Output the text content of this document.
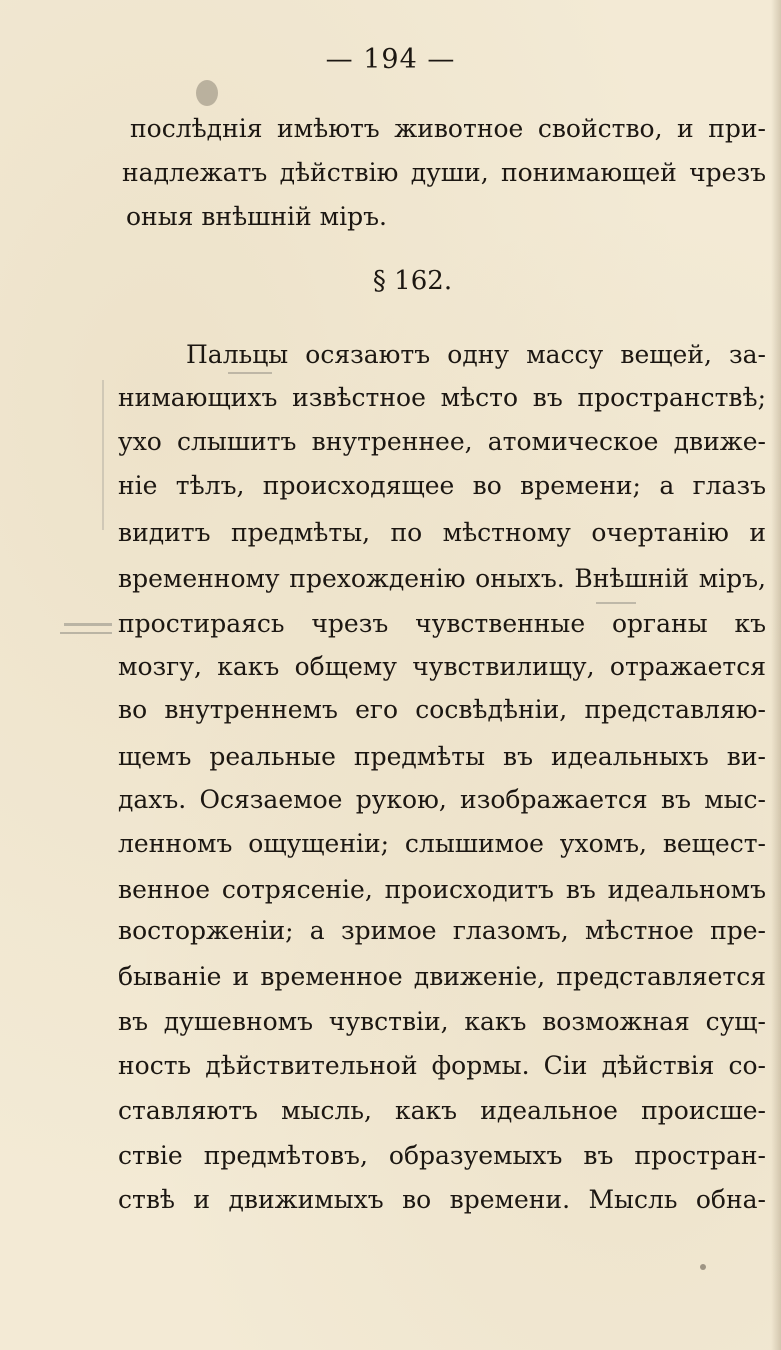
— 194 —
послѣднія имѣютъ животное свойство, и при-
надлежатъ дѣйствію души, понимающей чрезъ
оныя внѣшній міръ.
§ 162.
Пальцы осязаютъ одну массу вещей, за-
нимающихъ извѣстное мѣсто въ пространствѣ;
ухо слышитъ внутреннее, атомическое движе-
ніе тѣлъ, происходящее во времени; а глазъ
видитъ предмѣты, по мѣстному очертанію и
временному прехожденію оныхъ. Внѣшній міръ,
простираясь чрезъ чувственные органы къ
мозгу, какъ общему чувствилищу, отражается
во внутреннемъ его сосвѣдѣніи, представляю-
щемъ реальные предмѣты въ идеальныхъ ви-
дахъ. Осязаемое рукою, изображается въ мыс-
ленномъ ощущеніи; слышимое ухомъ, вещест-
венное сотрясеніе, происходитъ въ идеальномъ
восторженіи; а зримое глазомъ, мѣстное пре-
бываніе и временное движеніе, представляется
въ душевномъ чувствіи, какъ возможная сущ-
ность дѣйствительной формы. Сіи дѣйствія со-
ставляютъ мысль, какъ идеальное происше-
ствіе предмѣтовъ, образуемыхъ въ простран-
ствѣ и движимыхъ во времени. Мысль обна-
